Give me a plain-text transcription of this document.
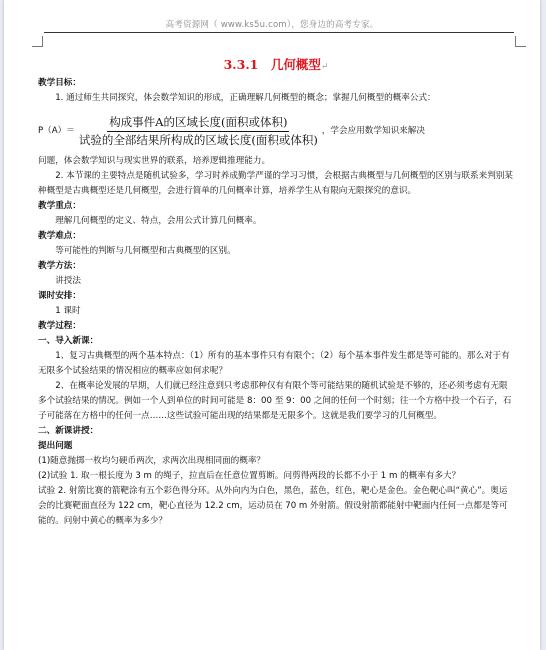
高考资源网（ www.ks5u.com），您身边的高考专家。
3.3.1　几何概型↵
教学目标：

1. 通过师生共同探究，体会数学知识的形成，正确理解几何概型的概念；掌握几何概型的概率公式：

$P(A)= \frac{\text{构成事件A的区域长度(面积或体积)}}{\text{试验的全部结果所构成的区域长度(面积或体积)}}$ ，学会应用数学知识来解决

问题，体会数学知识与现实世界的联系，培养逻辑推理能力。

2. 本节课的主要特点是随机试验多，学习时养成勤学严谨的学习习惯，会根据古典概型与几何概型的区别与联系来判别某种概型是古典概型还是几何概型，会进行简单的几何概率计算，培养学生从有限向无限探究的意识。

教学重点：

理解几何概型的定义、特点，会用公式计算几何概率。

教学难点：

等可能性的判断与几何概型和古典概型的区别。

教学方法：

讲授法

课时安排：

1 课时

教学过程：
一、导入新课：

1、复习古典概型的两个基本特点：（1）所有的基本事件只有有限个；（2）每个基本事件发生都是等可能的。那么对于有无限多个试验结果的情况相应的概率应如何求呢？

2、在概率论发展的早期，人们就已经注意到只考虑那种仅有有限个等可能结果的随机试验是不够的，还必须考虑有无限多个试验结果的情况。例如一个人到单位的时间可能是 8：00 至 9：00 之间的任何一个时刻；往一个方格中投一个石子，石子可能落在方格中的任何一点……这些试验可能出现的结果都是无限多个。这就是我们要学习的几何概型。

二、新课讲授：
提出问题

(1)随意抛掷一枚均匀硬币两次，求两次出现相同面的概率？

(2)试验 1. 取一根长度为 3 m 的绳子，拉直后在任意位置剪断。问剪得两段的长都不小于 1 m 的概率有多大？

试验 2. 射箭比赛的箭靶涂有五个彩色得分环。从外向内为白色，黑色，蓝色，红色，靶心是金色。金色靶心叫“黄心”。奥运会的比赛靶面直径为 122 cm，靶心直径为 12.2 cm，运动员在 70 m 外射箭。假设射箭都能射中靶面内任何一点都是等可能的。问射中黄心的概率为多少？
